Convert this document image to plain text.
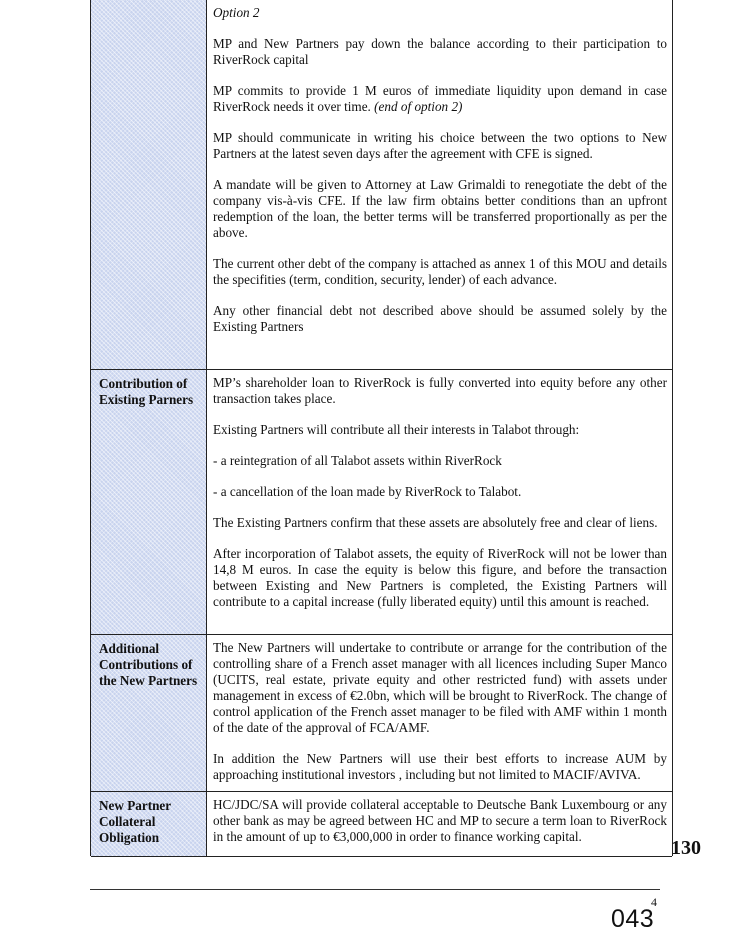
Option 2

MP and New Partners pay down the balance according to their participation to RiverRock capital

MP commits to provide 1 M euros of immediate liquidity upon demand in case RiverRock needs it over time. (end of option 2)

MP should communicate in writing his choice between the two options to New Partners at the latest seven days after the agreement with CFE is signed.

A mandate will be given to Attorney at Law Grimaldi to renegotiate the debt of the company vis-à-vis CFE. If the law firm obtains better conditions than an upfront redemption of the loan, the better terms will be transferred proportionally as per the above.

The current other debt of the company is attached as annex 1 of this MOU and details the specifities (term, condition, security, lender) of each advance.

Any other financial debt not described above should be assumed solely by the Existing Partners

Contribution of Existing Parners

MP’s shareholder loan to RiverRock is fully converted into equity before any other transaction takes place.

Existing Partners will contribute all their interests in Talabot through:

- a reintegration of all Talabot assets within RiverRock

- a cancellation of the loan made by RiverRock to Talabot.

The Existing Partners confirm that these assets are absolutely free and clear of liens.

After incorporation of Talabot assets, the equity of RiverRock will not be lower than 14,8 M euros. In case the equity is below this figure, and before the transaction between Existing and New Partners is completed, the Existing Partners will contribute to a capital increase (fully liberated equity) until this amount is reached.

Additional Contributions of the New Partners

The New Partners will undertake to contribute or arrange for the contribution of the controlling share of a French asset manager with all licences including Super Manco (UCITS, real estate, private equity and other restricted fund) with assets under management in excess of €2.0bn, which will be brought to RiverRock. The change of control application of the French asset manager to be filed with AMF within 1 month of the date of the approval of FCA/AMF.

In addition the New Partners will use their best efforts to increase AUM by approaching institutional investors , including but not limited to MACIF/AVIVA.

New Partner Collateral Obligation

HC/JDC/SA will provide collateral acceptable to Deutsche Bank Luxembourg or any other bank as may be agreed between HC and MP to secure a term loan to RiverRock in the amount of up to €3,000,000 in order to finance working capital.

130
4
043
